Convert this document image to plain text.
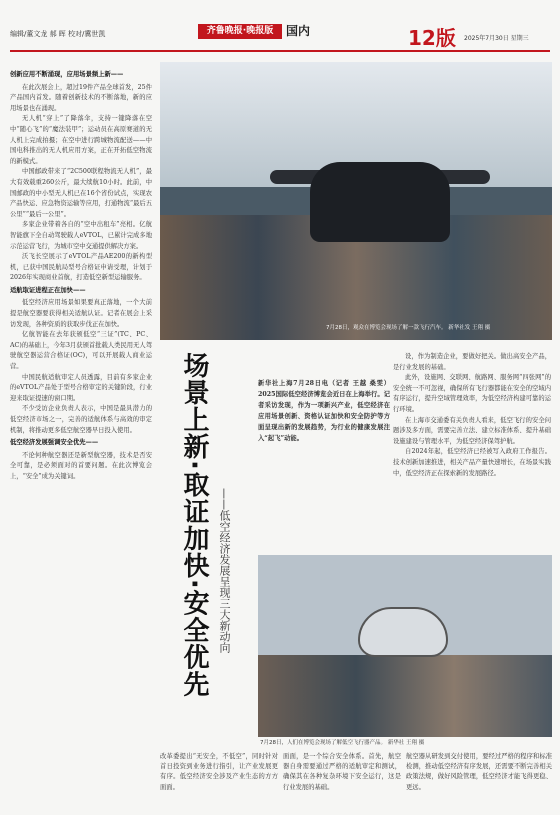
编辑/董文龙 郝 晖 校对/冀世凯	齐鲁晚报·晚报版	国内	12版 2025年7月30日 星期三

创新应用不断涌现，应用场景频上新——

在此次展会上，超过19件产品全球首发，25件产品国内首发。随着创新技术的不断落地，新的应用场景也在涌现。

无人机“穿上”了降落伞，支持一键降落在空中“随心飞”的“魔法装甲”；运动员在高原赛道的无人机上完成拍摄；在空中进行跨城物流配送——中国电科推出的无人机应用方案，正在开拓低空物流的新模式。

中国邮政带来了“2C500联程物流无人机”，最大有效载重260公斤，最大续航10小时。此前，中国邮政的中小型无人机已在16个省份试点，实现农产品快运、应急物资运输等应用，打通物流“最后五公里”“最后一公里”。

多家企业带着各自的“空中出租车”亮相。亿航智能旗下全自动驾驶载人eVTOL，已累计完成多地示范运营飞行，为城市空中交通提供解决方案。

沃飞长空展示了eVTOL产品AE200的新构型机，已获中国民航局型号合格证申请受理，计划于2026年实现商业首航，打造低空新型运输服务。

适航取证进程正在加快——

低空经济应用场景如果要真正落地，一个大前提是航空器要获得相关适航认证。记者在展会上采访发现，各种资质的获取步伐正在加快。

亿航智能在去年获颁低空“三证”(TC、PC、AC)的基础上，今年3月获颁首批载人类民用无人驾驶航空器运营合格证(OC)，可以开展载人商业运营。

中国民航适航审定人员透露，目前有多家企业的eVTOL产品处于型号合格审定的关键阶段，行业迎来取证提速的窗口期。

不少受访企业负责人表示，中国是最具潜力的低空经济市场之一，完善的适航体系与高效的审定机制，将推动更多低空航空器早日投入使用。

低空经济发展强调安全优先——

不论何种航空器还是新型航空器，技术是否安全可靠，是必须面对的首要问题。在此次博览会上，“安全”成为关键词。

7月28日，观众在博览会现场了解一款飞行汽车。 新华社发 王翔 摄
场景上新·取证加快·安全优先 ——低空经济发展呈现三大新动向
新华社上海7月28日电（记者 王越 桑雯）2025国际低空经济博览会近日在上海举行。记者采访发现，作为一项新兴产业，低空经济在应用场景创新、资格认证加快和安全防护等方面呈现出新的发展趋势，为行业的健康发展注入“起飞”动能。

设，作为制造企业，要做好把关。做出高安全产品，是行业发展的基础。

此外，设施网、交联网、航路网、服务网“四张网”的安全统一不可忽视，确保所有飞行器都能在安全的空域内有序运行，提升空域管理效率，为低空经济构建可靠的运行环境。

在上海市交通委有关负责人看来，低空飞行的安全问题涉及多方面，需要完善立法、建立标准体系、提升基础设施建设与管理水平，为低空经济保驾护航。

自2024年起，低空经济已经被写入政府工作报告。技术创新加速推进，相关产品产量快速增长，在场景实践中，低空经济正在探索新的发展路径。

7月28日，人们在博览会现场了解低空飞行器产品。 新华社 王翔 摄
改革委提出“无安全，不低空”，同时针对首日投资到业务进行指引，让产业发展更有序。低空经济安全涉及产业生态的方方面面。
面面，是一个综合安全体系。首先，航空器自身需要通过严格的适航审定和测试，确保其在各种复杂环境下安全运行，这是行业发展的基础。
航空器从研发到交付使用，要经过严格的程序和标准检测，推动低空经济有序发展，还需要不断完善相关政策法规，做好风险管理，低空经济才能飞得更稳、更远。
